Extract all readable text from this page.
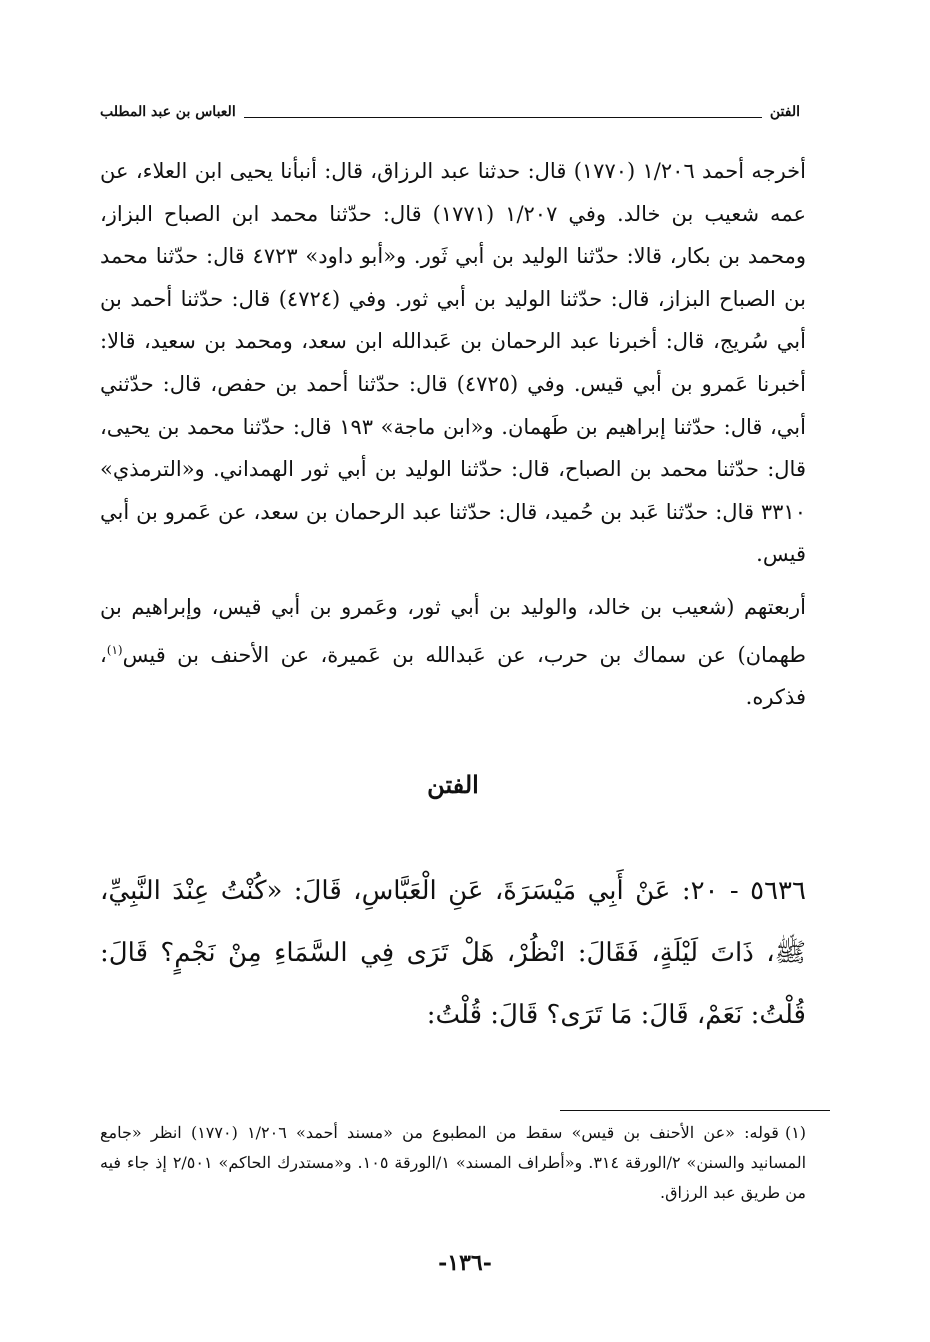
الفتن
العباس بن عبد المطلب

أخرجه أحمد ١/٢٠٦ (١٧٧٠) قال: حدثنا عبد الرزاق، قال: أنبأنا يحيى ابن العلاء، عن عمه شعيب بن خالد. وفي ١/٢٠٧ (١٧٧١) قال: حدّثنا محمد ابن الصباح البزاز، ومحمد بن بكار، قالا: حدّثنا الوليد بن أبي ثَور. و«أبو داود» ٤٧٢٣ قال: حدّثنا محمد بن الصباح البزاز، قال: حدّثنا الوليد بن أبي ثور. وفي (٤٧٢٤) قال: حدّثنا أحمد بن أبي سُريج، قال: أخبرنا عبد الرحمان بن عَبدالله ابن سعد، ومحمد بن سعيد، قالا: أخبرنا عَمرو بن أبي قيس. وفي (٤٧٢٥) قال: حدّثنا أحمد بن حفص، قال: حدّثني أبي، قال: حدّثنا إبراهيم بن طَهمان. و«ابن ماجة» ١٩٣ قال: حدّثنا محمد بن يحيى، قال: حدّثنا محمد بن الصباح، قال: حدّثنا الوليد بن أبي ثور الهمداني. و«الترمذي» ٣٣١٠ قال: حدّثنا عَبد بن حُميد، قال: حدّثنا عبد الرحمان بن سعد، عن عَمرو بن أبي قيس.

أربعتهم (شعيب بن خالد، والوليد بن أبي ثور، وعَمرو بن أبي قيس، وإبراهيم بن طهمان) عن سماك بن حرب، عن عَبدالله بن عَميرة، عن الأحنف بن قيس$^{(١)}$، فذكره.

الفتن
٥٦٣٦ - ٢٠: عَنْ أَبِي مَيْسَرَةَ، عَنِ الْعَبَّاسِ، قَالَ: «كُنْتُ عِنْدَ النَّبِيِّ، ﷺ، ذَاتَ لَيْلَةٍ، فَقَالَ: انْظُرْ، هَلْ تَرَى فِي السَّمَاءِ مِنْ نَجْمٍ؟ قَالَ: قُلْتُ: نَعَمْ، قَالَ: مَا تَرَى؟ قَالَ: قُلْتُ:

(١)قوله: «عن الأحنف بن قيس» سقط من المطبوع من «مسند أحمد» ١/٢٠٦ (١٧٧٠) انظر «جامع المسانيد والسنن» ٢/الورقة ٣١٤. و«أطراف المسند» ١/الورقة ١٠٥. و«مستدرك الحاكم» ٢/٥٠١ إذ جاء فيه من طريق عبد الرزاق.

-١٣٦-
